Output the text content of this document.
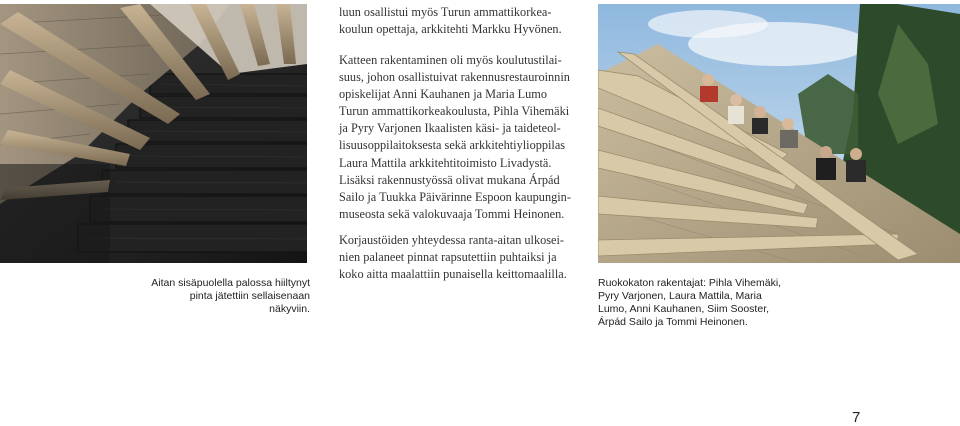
Aitan sisäpuolella palossa hiiltynyt
pinta jätettiin sellaisenaan näkyviin.
luun osallistui myös Turun ammattikorkea-
koulun opettaja, arkkitehti Markku Hyvönen.
Katteen rakentaminen oli myös koulutustilai-
suus, johon osallistuivat rakennusrestauroinnin
opiskelijat Anni Kauhanen ja Maria Lumo
Turun ammattikorkeakoulusta, Pihla Vihemäki
ja Pyry Varjonen Ikaalisten käsi- ja taideteol-
lisuusoppilaitoksesta sekä arkkitehtiylioppilas
Laura Mattila arkkitehtitoimisto Livadystä.
Lisäksi rakennustyössä olivat mukana Árpád
Sailo ja Tuukka Päivärinne Espoon kaupungin-
museosta sekä valokuvaaja Tommi Heinonen.
Korjaustöiden yhteydessa ranta-aitan ulkosei-
nien palaneet pinnat rapsutettiin puhtaiksi ja
koko aitta maalattiin punaisella keittomaalilla.
Ruokokaton rakentajat: Pihla Vihemäki,
Pyry Varjonen, Laura Mattila, Maria
Lumo, Anni Kauhanen, Siim Sooster,
Árpád Sailo ja Tommi Heinonen.
7
